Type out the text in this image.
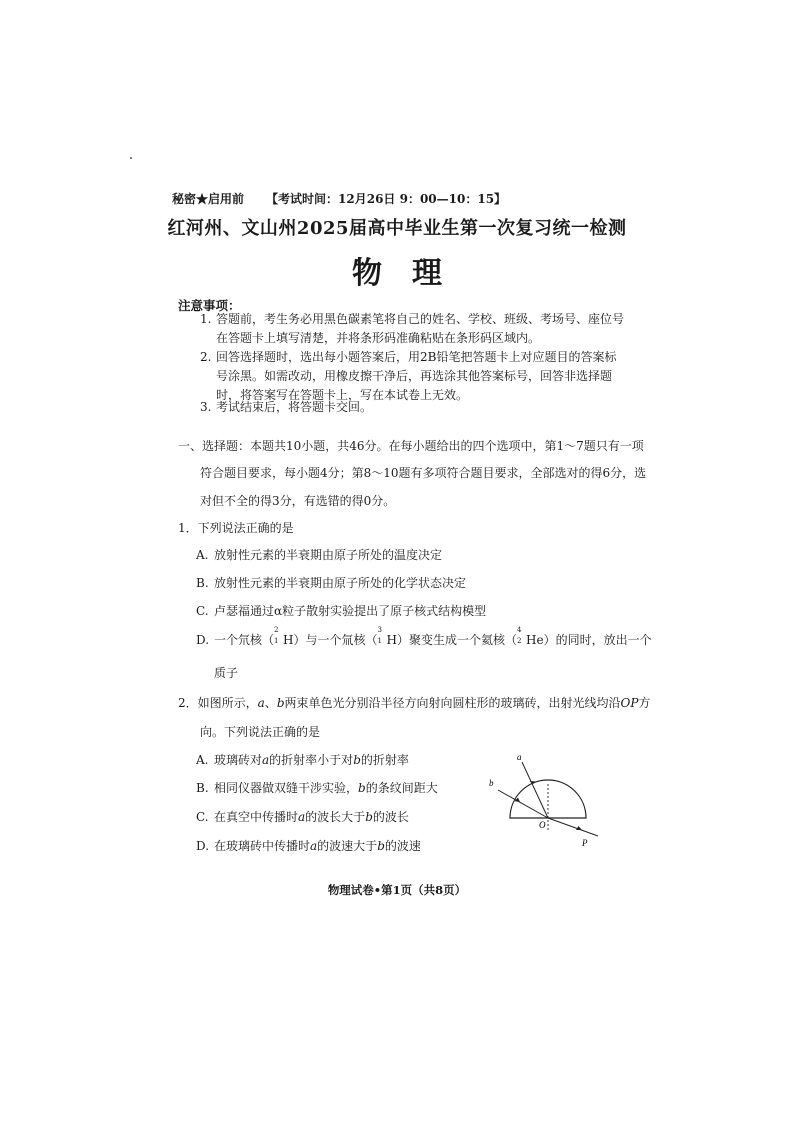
秘密★启用前 【考试时间：12月26日 9：00—10：15】
红河州、文山州2025届高中毕业生第一次复习统一检测
物 理
注意事项：
1. 答题前，考生务必用黑色碳素笔将自己的姓名、学校、班级、考场号、座位号在答题卡上填写清楚，并将条形码准确粘贴在条形码区域内。
2. 回答选择题时，选出每小题答案后，用2B铅笔把答题卡上对应题目的答案标号涂黑。如需改动，用橡皮擦干净后，再选涂其他答案标号，回答非选择题时，将答案写在答题卡上，写在本试卷上无效。
3. 考试结束后，将答题卡交回。
一、选择题：本题共10小题，共46分。在每小题给出的四个选项中，第1～7题只有一项
符合题目要求，每小题4分；第8～10题有多项符合题目要求，全部选对的得6分，选
对但不全的得3分，有选错的得0分。
1．下列说法正确的是
A. 放射性元素的半衰期由原子所处的温度决定
B. 放射性元素的半衰期由原子所处的化学状态决定
C. 卢瑟福通过α粒子散射实验提出了原子核式结构模型
D. 一个氘核（
2
1 H）与一个氚核（
3
1 H）聚变生成一个氦核（
4
2 He）的同时，放出一个
质子
2．如图所示，a、b两束单色光分别沿半径方向射向圆柱形的玻璃砖，出射光线均沿OP方
向。下列说法正确的是
A. 玻璃砖对a的折射率小于对b的折射率
B. 相同仪器做双缝干涉实验，b的条纹间距大
C. 在真空中传播时a的波长大于b的波长
D. 在玻璃砖中传播时a的波速大于b的波速
a
b
O
P
物理试卷•第1页（共8页）
